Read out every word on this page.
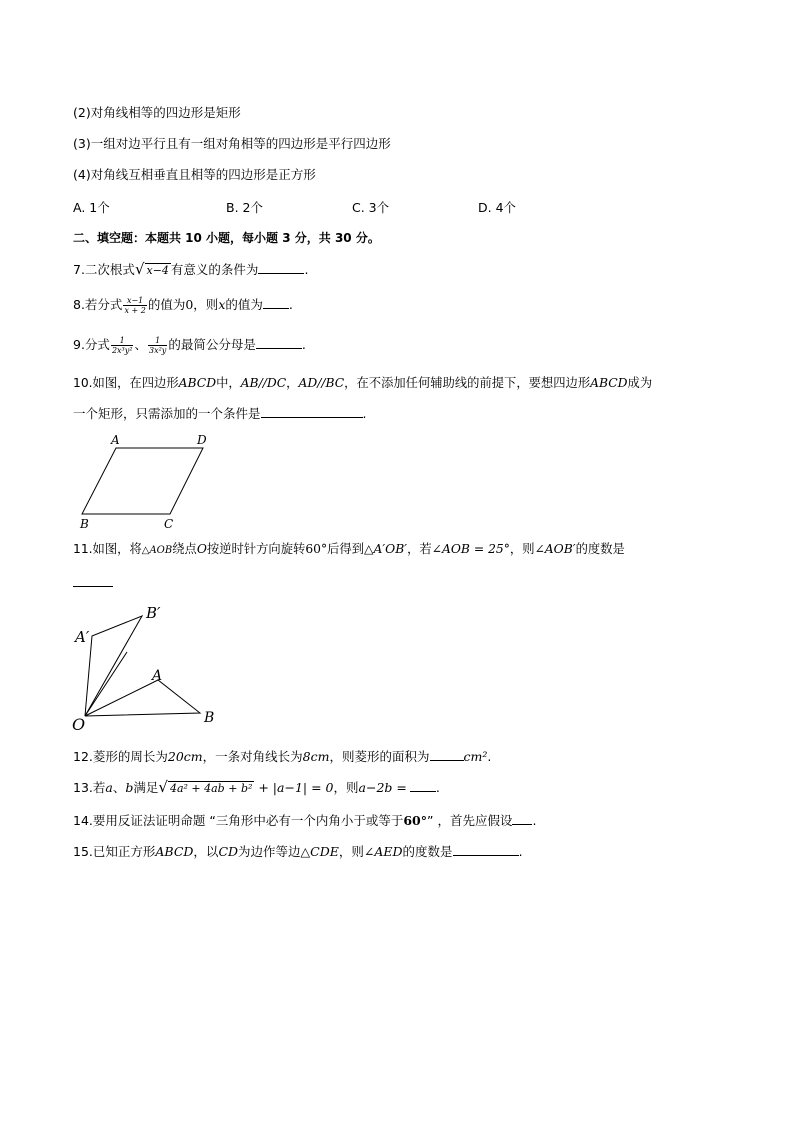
(2)对角线相等的四边形是矩形
(3)一组对边平行且有一组对角相等的四边形是平行四边形
(4)对角线互相垂直且相等的四边形是正方形
A. 1个	B. 2个	C. 3个	D. 4个
二、填空题：本题共 10 小题，每小题 3 分，共 30 分。
7.二次根式√ x−4 有意义的条件为	.
8.若分式 $\frac{x-1}{x + 2}$ 的值为0，则x的值为 .
9.分式 $\frac{1}{\text{2x³y²}}$ 、 $\frac{1}{\text{3x²y}}$ 的最简公分母是	.
10.如图，在四边形ABCD中，AB//DC，AD//BC，在不添加任何辅助线的前提下，要想四边形ABCD成为
一个矩形，只需添加的一个条件是	.
A	D
B	C
11.如图，将△AOB绕点O按逆时针方向旋转60°后得到△A′OB′，若∠AOB = 25°，则∠AOB′的度数是
B′
A′
A
O	B
12.菱形的周长为20cm，一条对角线长为8cm，则菱形的面积为	cm².
13.若a、b满足√ 4a² + 4ab + b² + |a−1| = 0，则a−2b = .
14.要用反证法证明命题 “三角形中必有一个内角小于或等于60°” ，首先应假设 .
15.已知正方形ABCD，以CD为边作等边△CDE，则∠AED的度数是	.
